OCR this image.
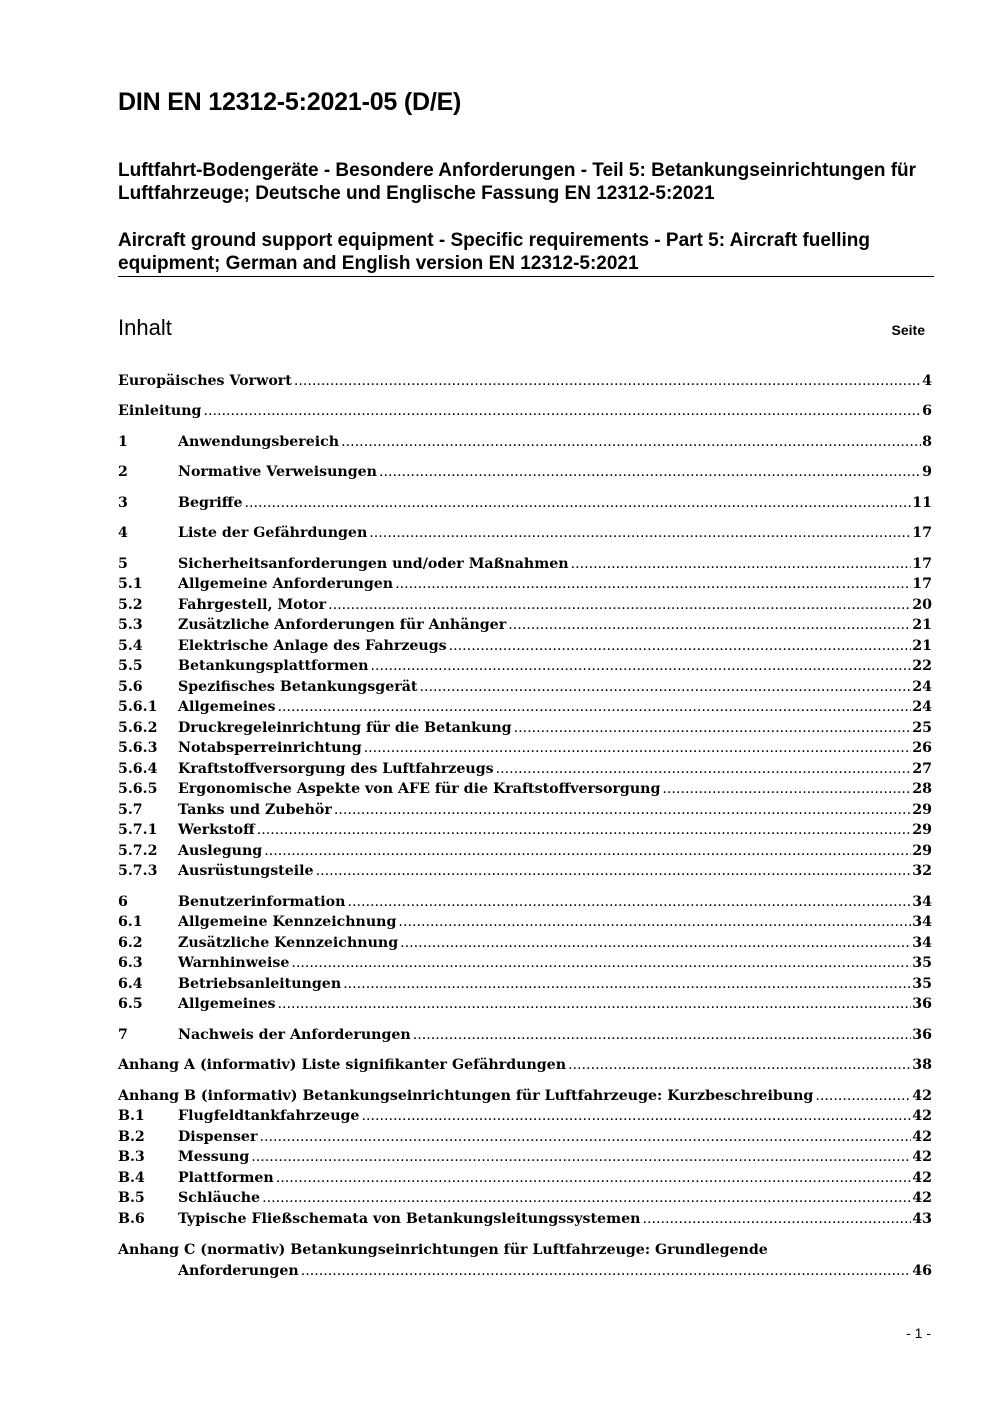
DIN EN 12312-5:2021-05 (D/E)
Luftfahrt-Bodengeräte - Besondere Anforderungen - Teil 5: Betankungseinrichtungen für Luftfahrzeuge; Deutsche und Englische Fassung EN 12312-5:2021
Aircraft ground support equipment - Specific requirements - Part 5: Aircraft fuelling equipment; German and English version EN 12312-5:2021
Inhalt	Seite
Europäisches Vorwort .....	4
Einleitung .....	6
1	Anwendungsbereich .....	8
2	Normative Verweisungen .....	9
3	Begriffe .....	11
4	Liste der Gefährdungen .....	17
5	Sicherheitsanforderungen und/oder Maßnahmen .....	17
5.1 Allgemeine Anforderungen .....	17
5.2 Fahrgestell, Motor .....	20
5.3 Zusätzliche Anforderungen für Anhänger .....	21
5.4 Elektrische Anlage des Fahrzeugs .....	21
5.5 Betankungsplattformen .....	22
5.6 Spezifisches Betankungsgerät .....	24
5.6.1 Allgemeines .....	24
5.6.2 Druckregeleinrichtung für die Betankung .....	25
5.6.3 Notabsperreinrichtung .....	26
5.6.4 Kraftstoffversorgung des Luftfahrzeugs .....	27
5.6.5 Ergonomische Aspekte von AFE für die Kraftstoffversorgung .....	28
5.7 Tanks und Zubehör .....	29
5.7.1 Werkstoff .....	29
5.7.2 Auslegung .....	29
5.7.3 Ausrüstungsteile .....	32
6	Benutzerinformation .....	34
6.1 Allgemeine Kennzeichnung .....	34
6.2 Zusätzliche Kennzeichnung .....	34
6.3 Warnhinweise .....	35
6.4 Betriebsanleitungen .....	35
6.5 Allgemeines .....	36
7	Nachweis der Anforderungen .....	36
Anhang A (informativ) Liste signifikanter Gefährdungen .....	38
Anhang B (informativ) Betankungseinrichtungen für Luftfahrzeuge: Kurzbeschreibung .....	42
B.1 Flugfeldtankfahrzeuge .....	42
B.2 Dispenser .....	42
B.3 Messung .....	42
B.4 Plattformen .....	42
B.5 Schläuche .....	42
B.6 Typische Fließschemata von Betankungsleitungssystemen .....	43
Anhang C (normativ) Betankungseinrichtungen für Luftfahrzeuge: Grundlegende
Anforderungen .....	46
- 1 -
